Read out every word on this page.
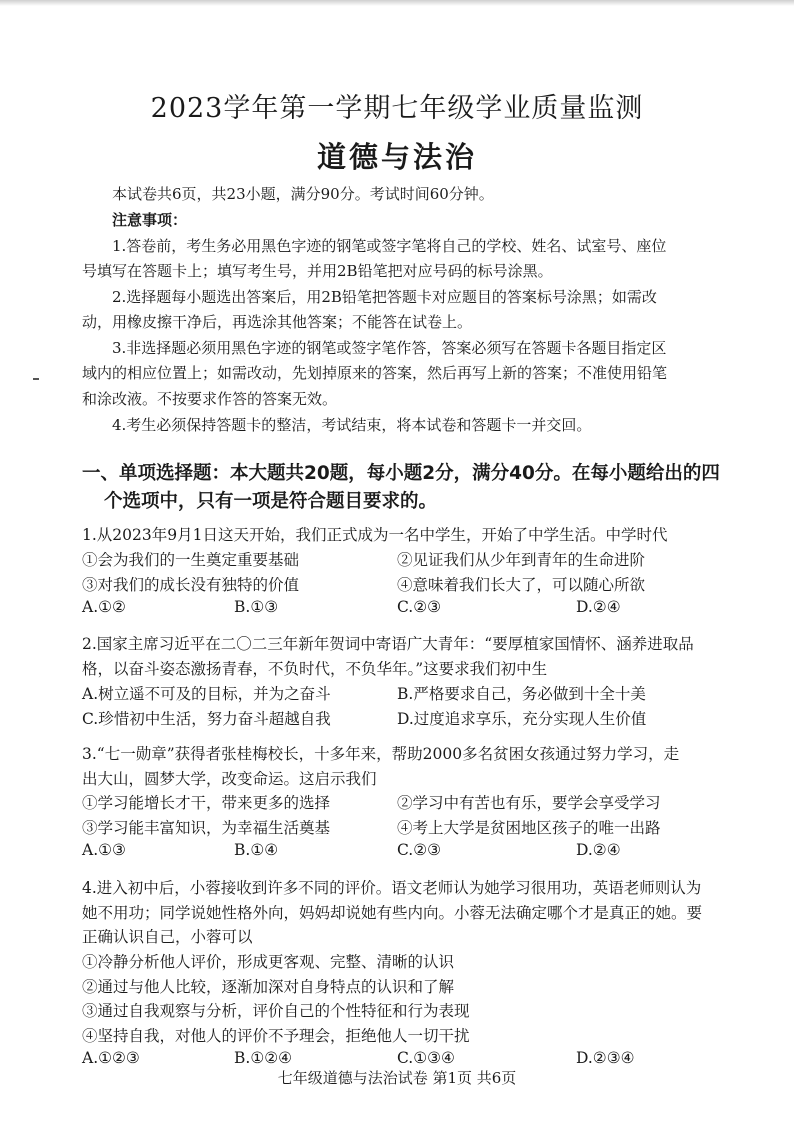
2023学年第一学期七年级学业质量监测
道德与法治
本试卷共6页，共23小题，满分90分。考试时间60分钟。
注意事项：
1.答卷前，考生务必用黑色字迹的钢笔或签字笔将自己的学校、姓名、试室号、座位
号填写在答题卡上；填写考生号，并用2B铅笔把对应号码的标号涂黑。
2.选择题每小题选出答案后，用2B铅笔把答题卡对应题目的答案标号涂黑；如需改
动，用橡皮擦干净后，再选涂其他答案；不能答在试卷上。
3.非选择题必须用黑色字迹的钢笔或签字笔作答，答案必须写在答题卡各题目指定区
域内的相应位置上；如需改动，先划掉原来的答案，然后再写上新的答案；不准使用铅笔
和涂改液。不按要求作答的答案无效。
4.考生必须保持答题卡的整洁，考试结束，将本试卷和答题卡一并交回。
一、单项选择题：本大题共20题，每小题2分，满分40分。在每小题给出的四
个选项中，只有一项是符合题目要求的。
1.从2023年9月1日这天开始，我们正式成为一名中学生，开始了中学生活。中学时代
①会为我们的一生奠定重要基础	②见证我们从少年到青年的生命进阶
③对我们的成长没有独特的价值	④意味着我们长大了，可以随心所欲
A.①②	B.①③	C.②③	D.②④
2.国家主席习近平在二〇二三年新年贺词中寄语广大青年：“要厚植家国情怀、涵养进取品
格，以奋斗姿态激扬青春，不负时代，不负华年。”这要求我们初中生
A.树立遥不可及的目标，并为之奋斗	B.严格要求自己，务必做到十全十美
C.珍惜初中生活，努力奋斗超越自我	D.过度追求享乐，充分实现人生价值
3.“七一勋章”获得者张桂梅校长，十多年来，帮助2000多名贫困女孩通过努力学习，走
出大山，圆梦大学，改变命运。这启示我们
①学习能增长才干，带来更多的选择	②学习中有苦也有乐，要学会享受学习
③学习能丰富知识，为幸福生活奠基	④考上大学是贫困地区孩子的唯一出路
A.①③	B.①④	C.②③	D.②④
4.进入初中后，小蓉接收到许多不同的评价。语文老师认为她学习很用功，英语老师则认为
她不用功；同学说她性格外向，妈妈却说她有些内向。小蓉无法确定哪个才是真正的她。要
正确认识自己，小蓉可以
①冷静分析他人评价，形成更客观、完整、清晰的认识
②通过与他人比较，逐渐加深对自身特点的认识和了解
③通过自我观察与分析，评价自己的个性特征和行为表现
④坚持自我，对他人的评价不予理会，拒绝他人一切干扰
A.①②③	B.①②④	C.①③④	D.②③④
七年级道德与法治试卷 第1页 共6页
